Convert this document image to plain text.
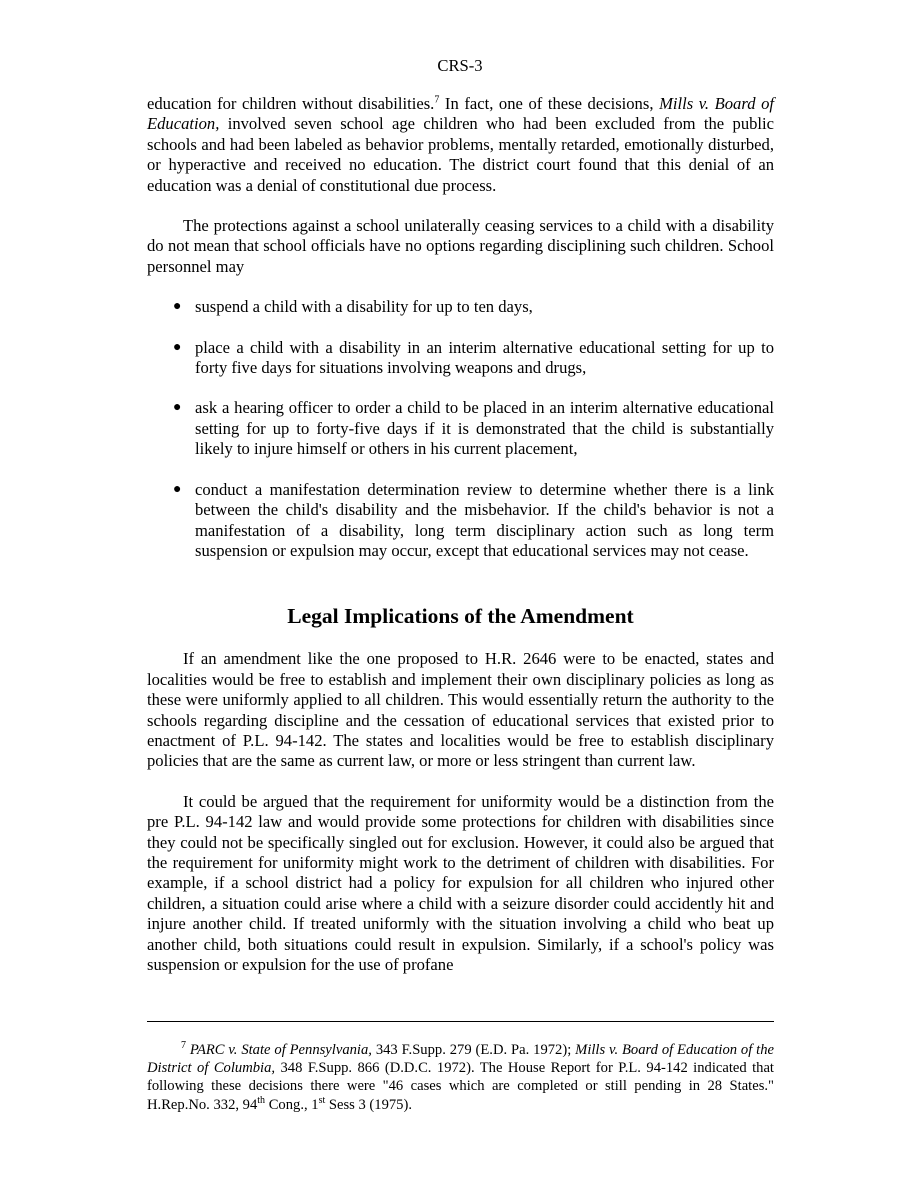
CRS-3

education for children without disabilities.$^7$ In fact, one of these decisions, Mills v. Board of Education, involved seven school age children who had been excluded from the public schools and had been labeled as behavior problems, mentally retarded, emotionally disturbed, or hyperactive and received no education. The district court found that this denial of an education was a denial of constitutional due process.

The protections against a school unilaterally ceasing services to a child with a disability do not mean that school officials have no options regarding disciplining such children. School personnel may

● suspend a child with a disability for up to ten days,
● place a child with a disability in an interim alternative educational setting for up to forty five days for situations involving weapons and drugs,
● ask a hearing officer to order a child to be placed in an interim alternative educational setting for up to forty-five days if it is demonstrated that the child is substantially likely to injure himself or others in his current placement,
● conduct a manifestation determination review to determine whether there is a link between the child's disability and the misbehavior. If the child's behavior is not a manifestation of a disability, long term disciplinary action such as long term suspension or expulsion may occur, except that educational services may not cease.
Legal Implications of the Amendment

If an amendment like the one proposed to H.R. 2646 were to be enacted, states and localities would be free to establish and implement their own disciplinary policies as long as these were uniformly applied to all children. This would essentially return the authority to the schools regarding discipline and the cessation of educational services that existed prior to enactment of P.L. 94-142. The states and localities would be free to establish disciplinary policies that are the same as current law, or more or less stringent than current law.

It could be argued that the requirement for uniformity would be a distinction from the pre P.L. 94-142 law and would provide some protections for children with disabilities since they could not be specifically singled out for exclusion. However, it could also be argued that the requirement for uniformity might work to the detriment of children with disabilities. For example, if a school district had a policy for expulsion for all children who injured other children, a situation could arise where a child with a seizure disorder could accidently hit and injure another child. If treated uniformly with the situation involving a child who beat up another child, both situations could result in expulsion. Similarly, if a school's policy was suspension or expulsion for the use of profane

$^7$ PARC v. State of Pennsylvania, 343 F.Supp. 279 (E.D. Pa. 1972); Mills v. Board of Education of the District of Columbia, 348 F.Supp. 866 (D.D.C. 1972). The House Report for P.L. 94-142 indicated that following these decisions there were "46 cases which are completed or still pending in 28 States." H.Rep.No. 332, 94th Cong., 1st Sess 3 (1975).
